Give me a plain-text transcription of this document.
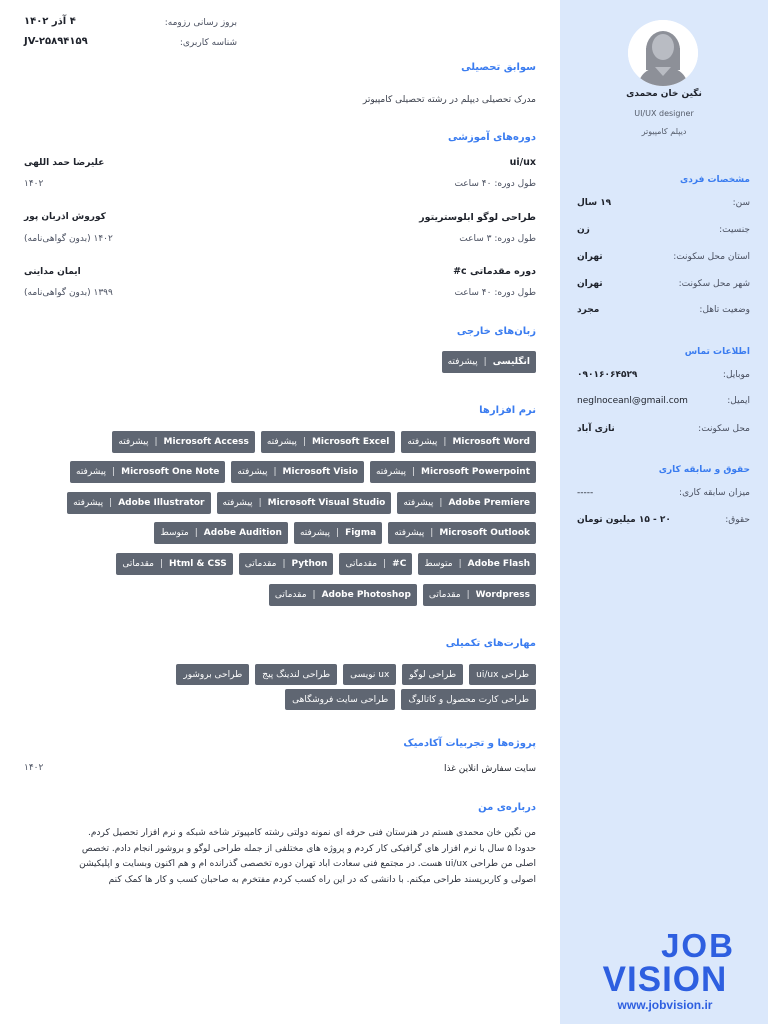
نگین خان محمدی
UI/UX designer
دیپلم کامپیوتر
مشخصات فردی
سن:
۱۹ سال
جنسیت:
زن
استان محل سکونت:
تهران
شهر محل سکونت:
تهران
وضعیت تاهل:
مجرد
اطلاعات تماس
موبایل:
۰۹۰۱۶۰۶۴۵۲۹
ایمیل:
neglnoceanl@gmail.com
محل سکونت:
نازی آباد
حقوق و سابقه کاری
میزان سابقه کاری:
-----
حقوق:
۲۰ - ۱۵ میلیون تومان
JOB
VISION
www.jobvision.ir
بروز رسانی رزومه:
۴ آذر ۱۴۰۲
شناسه کاربری:
JV-۲۵۸۹۴۱۵۹
سوابق تحصیلی
مدرک تحصیلی دیپلم در رشته تحصیلی کامپیوتر
دوره‌های آموزشی
ui/ux
طول دوره: ۴۰ ساعت
علیرضا حمد اللهی
۱۴۰۲
طراحی لوگو ابلوستریتور
طول دوره: ۳ ساعت
کوروش اذربان پور
۱۴۰۲ (بدون گواهی‌نامه)
دوره مقدماتی c#
طول دوره: ۴۰ ساعت
ایمان مداینی
۱۳۹۹ (بدون گواهی‌نامه)
زبان‌های خارجی
انگلیسی
|
پیشرفته
نرم افزارها
Microsoft Word
|
پیشرفته
Microsoft Excel
|
پیشرفته
Microsoft Access
|
پیشرفته
Microsoft Powerpoint
|
پیشرفته
Microsoft Visio
|
پیشرفته
Microsoft One Note
|
پیشرفته
Adobe Premiere
|
پیشرفته
Microsoft Visual Studio
|
پیشرفته
Adobe Illustrator
|
پیشرفته
Microsoft Outlook
|
پیشرفته
Figma
|
پیشرفته
Adobe Audition
|
متوسط
Adobe Flash
|
متوسط
C#
|
مقدماتی
Python
|
مقدماتی
Html & CSS
|
مقدماتی
Wordpress
|
مقدماتی
Adobe Photoshop
|
مقدماتی
مهارت‌های تکمیلی
طراحی ui/ux
طراحی لوگو
ux نویسی
طراحی لندینگ پیج
طراحی بروشور
طراحی کارت محصول و کاتالوگ
طراحی سایت فروشگاهی
پروژه‌ها و تجربیات آکادمیک
سایت سفارش انلاین غذا
۱۴۰۲
درباره‌ی من
من نگین خان محمدی هستم در هنرستان فنی حرفه ای نمونه دولتی رشته کامپیوتر شاخه شبکه و نرم افزار تحصیل کردم.
حدودا ۵ سال با نرم افزار های گرافیکی کار کردم و پروژه های مختلفی از جمله طراحی لوگو و بروشور انجام دادم. تخصص
اصلی من طراحی ui/ux هست. در مجتمع فنی سعادت اباد تهران دوره تخصصی گذرانده ام و هم اکنون وبسایت و اپلیکیشن
اصولی و کاربرپسند طراحی میکنم. با دانشی که در این راه کسب کردم مفتخرم به صاحبان کسب و کار ها کمک کنم
